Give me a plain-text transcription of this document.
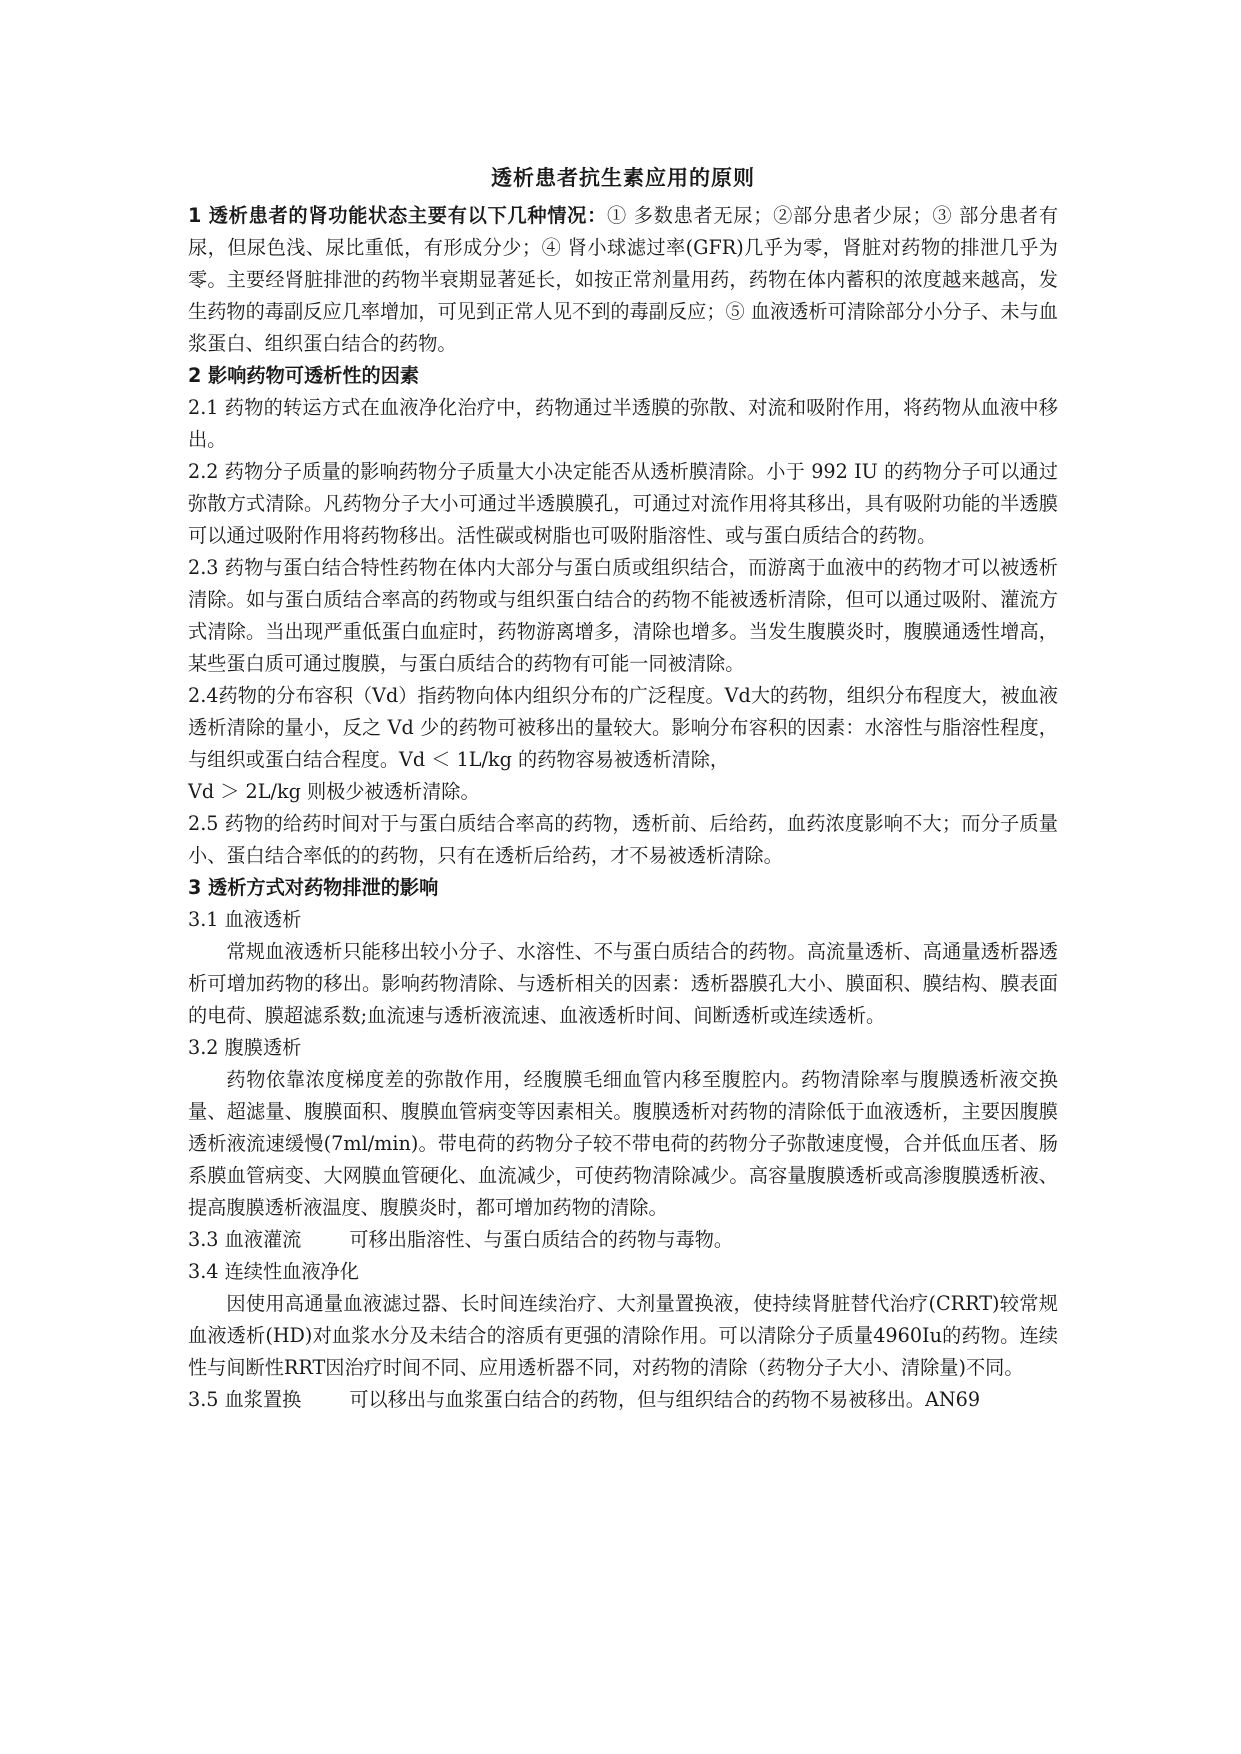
透析患者抗生素应用的原则

1 透析患者的肾功能状态主要有以下几种情况：① 多数患者无尿；②部分患者少尿；③ 部分患者有尿，但尿色浅、尿比重低，有形成分少；④ 肾小球滤过率(GFR)几乎为零，肾脏对药物的排泄几乎为零。主要经肾脏排泄的药物半衰期显著延长，如按正常剂量用药，药物在体内蓄积的浓度越来越高，发生药物的毒副反应几率增加，可见到正常人见不到的毒副反应；⑤ 血液透析可清除部分小分子、未与血浆蛋白、组织蛋白结合的药物。

2 影响药物可透析性的因素

2.1 药物的转运方式在血液净化治疗中，药物通过半透膜的弥散、对流和吸附作用，将药物从血液中移出。

2.2 药物分子质量的影响药物分子质量大小决定能否从透析膜清除。小于 992 IU 的药物分子可以通过弥散方式清除。凡药物分子大小可通过半透膜膜孔，可通过对流作用将其移出，具有吸附功能的半透膜可以通过吸附作用将药物移出。活性碳或树脂也可吸附脂溶性、或与蛋白质结合的药物。

2.3 药物与蛋白结合特性药物在体内大部分与蛋白质或组织结合，而游离于血液中的药物才可以被透析清除。如与蛋白质结合率高的药物或与组织蛋白结合的药物不能被透析清除，但可以通过吸附、灌流方式清除。当出现严重低蛋白血症时，药物游离增多，清除也增多。当发生腹膜炎时，腹膜通透性增高，某些蛋白质可通过腹膜，与蛋白质结合的药物有可能一同被清除。

2.4药物的分布容积（Vd）指药物向体内组织分布的广泛程度。Vd大的药物，组织分布程度大，被血液透析清除的量小，反之 Vd 少的药物可被移出的量较大。影响分布容积的因素：水溶性与脂溶性程度，与组织或蛋白结合程度。Vd ＜ 1L/kg 的药物容易被透析清除，

Vd ＞ 2L/kg 则极少被透析清除。

2.5 药物的给药时间对于与蛋白质结合率高的药物，透析前、后给药，血药浓度影响不大；而分子质量小、蛋白结合率低的的药物，只有在透析后给药，才不易被透析清除。

3 透析方式对药物排泄的影响

3.1 血液透析

常规血液透析只能移出较小分子、水溶性、不与蛋白质结合的药物。高流量透析、高通量透析器透析可增加药物的移出。影响药物清除、与透析相关的因素：透析器膜孔大小、膜面积、膜结构、膜表面的电荷、膜超滤系数;血流速与透析液流速、血液透析时间、间断透析或连续透析。

3.2 腹膜透析

药物依靠浓度梯度差的弥散作用，经腹膜毛细血管内移至腹腔内。药物清除率与腹膜透析液交换量、超滤量、腹膜面积、腹膜血管病变等因素相关。腹膜透析对药物的清除低于血液透析，主要因腹膜透析液流速缓慢(7ml/min)。带电荷的药物分子较不带电荷的药物分子弥散速度慢，合并低血压者、肠系膜血管病变、大网膜血管硬化、血流减少，可使药物清除减少。高容量腹膜透析或高渗腹膜透析液、提高腹膜透析液温度、腹膜炎时，都可增加药物的清除。

3.3 血液灌流	可移出脂溶性、与蛋白质结合的药物与毒物。

3.4 连续性血液净化

因使用高通量血液滤过器、长时间连续治疗、大剂量置换液，使持续肾脏替代治疗(CRRT)较常规血液透析(HD)对血浆水分及未结合的溶质有更强的清除作用。可以清除分子质量4960Iu的药物。连续性与间断性RRT因治疗时间不同、应用透析器不同，对药物的清除（药物分子大小、清除量)不同。

3.5 血浆置换	可以移出与血浆蛋白结合的药物，但与组织结合的药物不易被移出。AN69
